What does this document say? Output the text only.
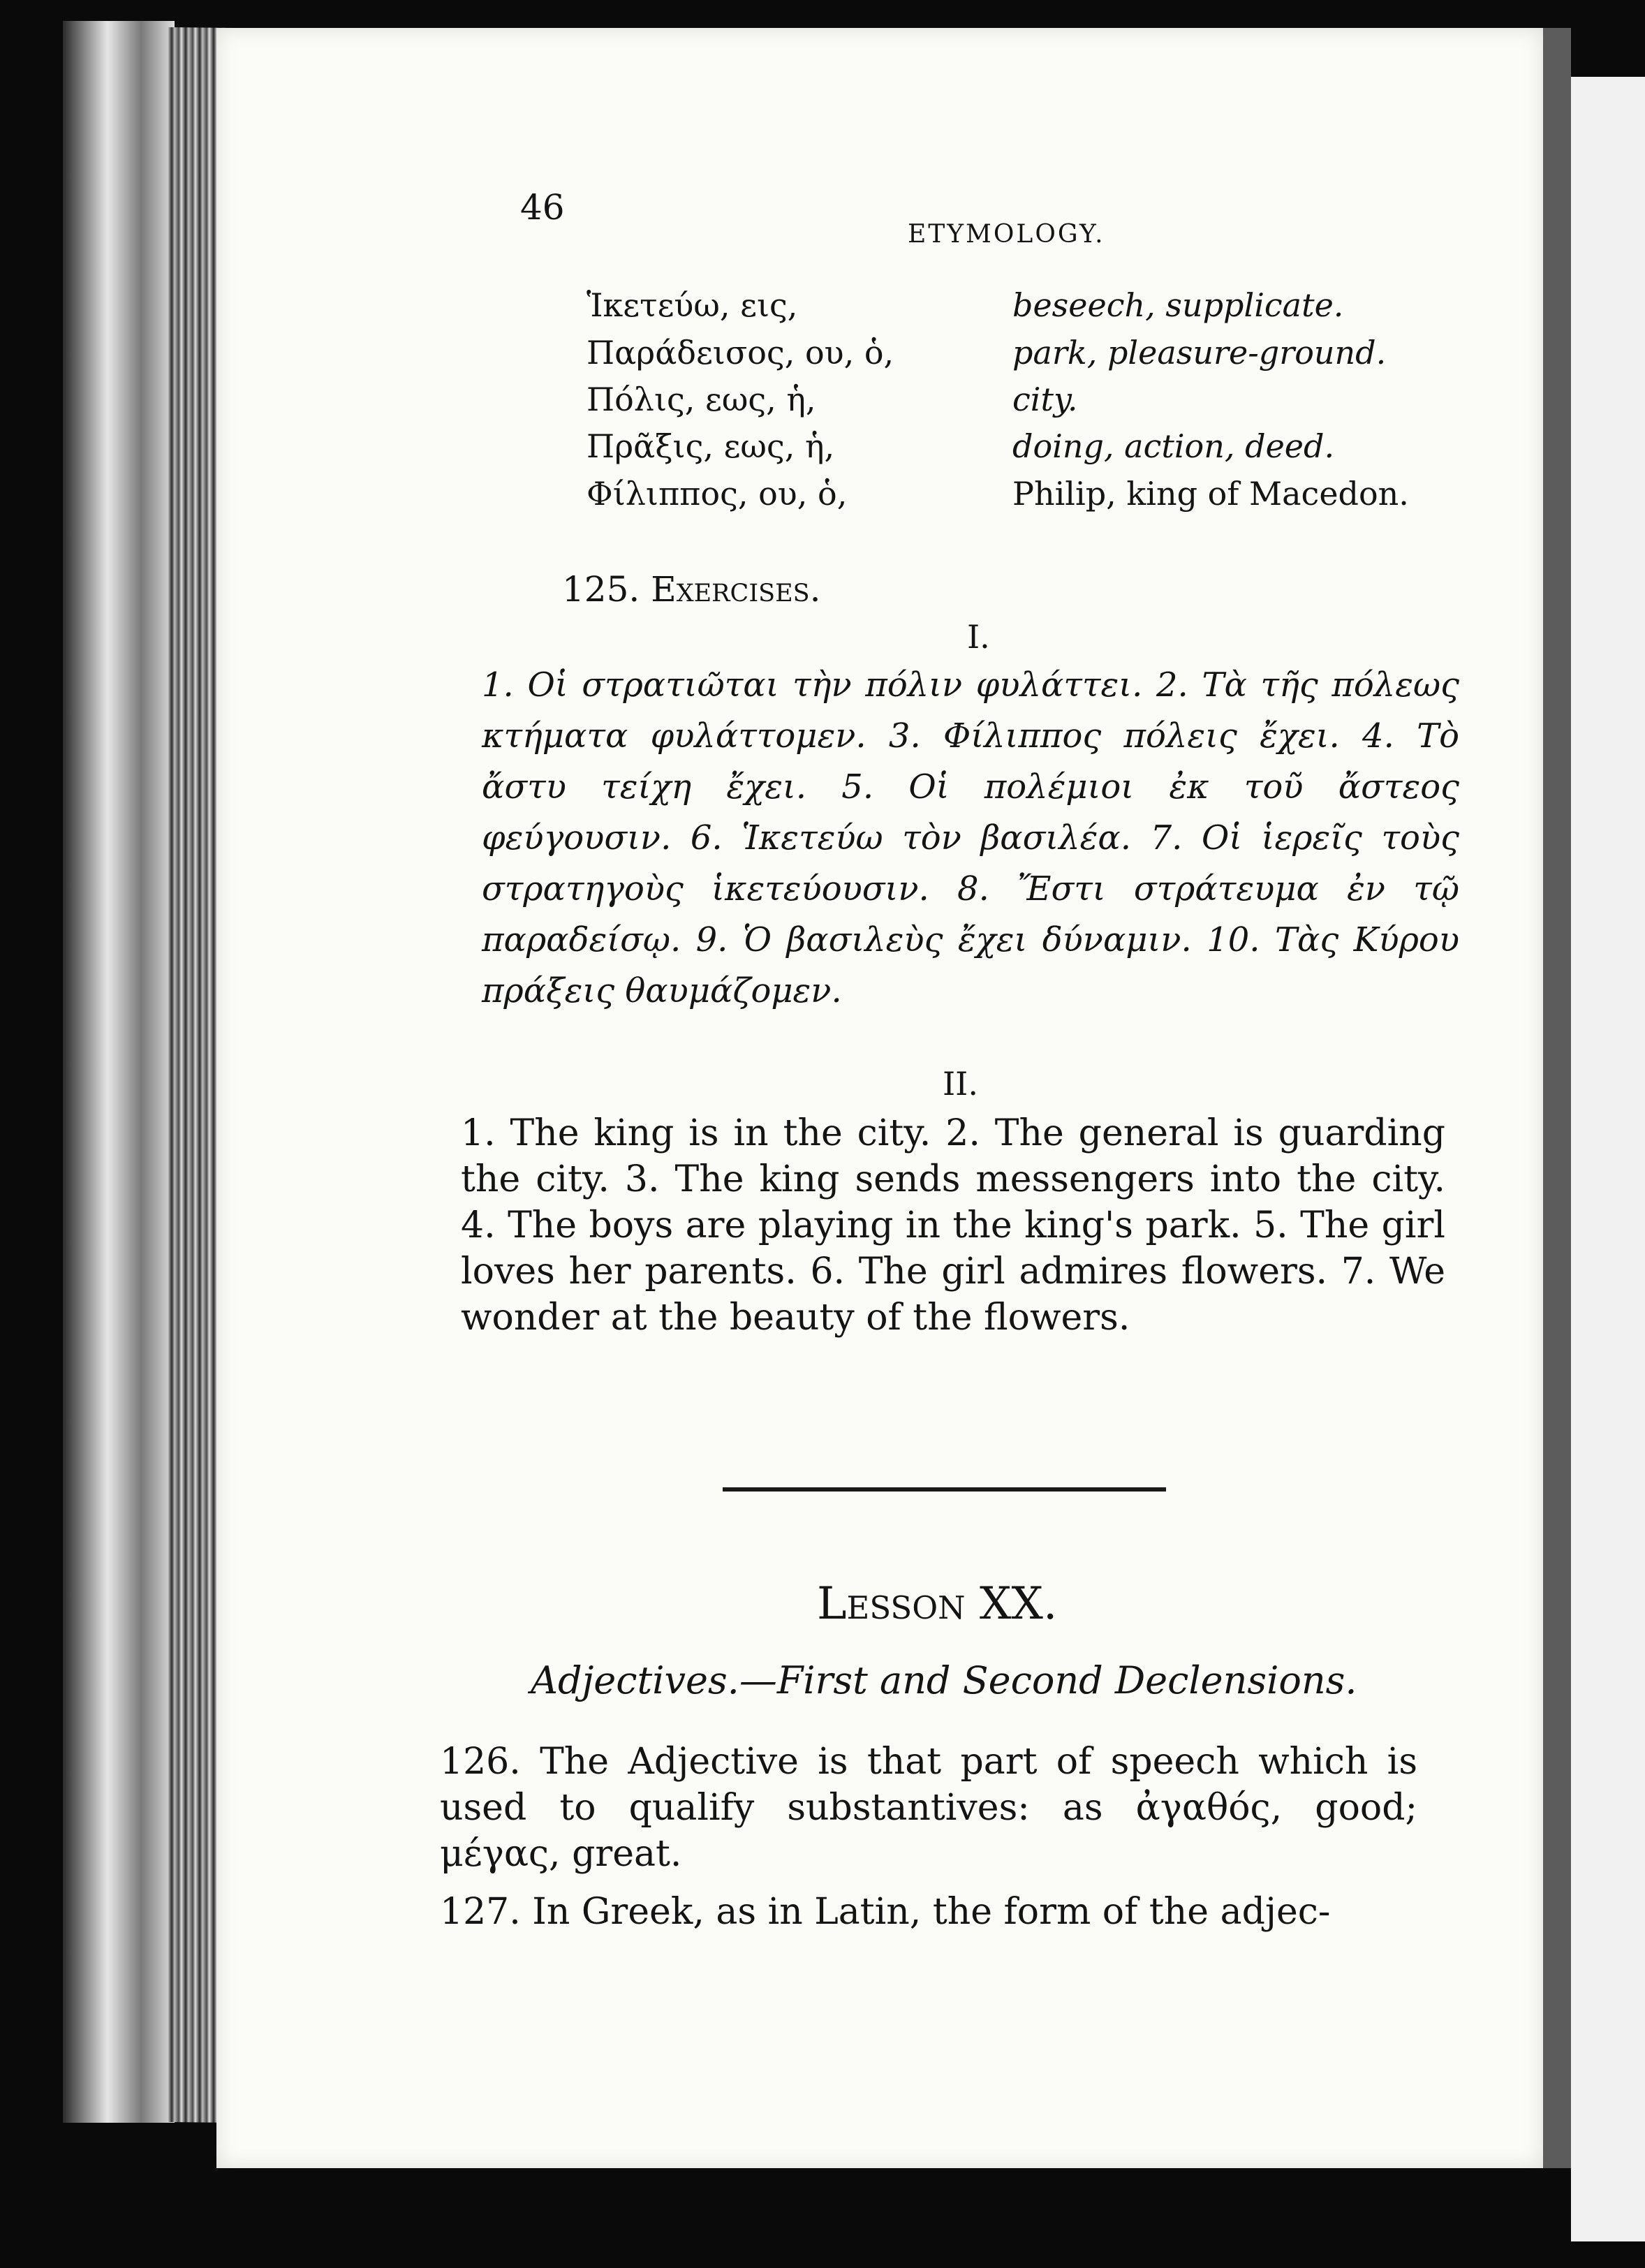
46
ETYMOLOGY.
Ἱκετεύω, εις,	beseech, supplicate.
Παράδεισος, ου, ὁ,	park, pleasure-ground.
Πόλις, εως, ἡ,	city.
Πρᾶξις, εως, ἡ,	doing, action, deed.
Φίλιππος, ου, ὁ,	Philip, king of Macedon.
125. Exercises.
I.
1. Οἱ στρατιῶται τὴν πόλιν φυλάττει. 2. Τὰ τῆς πόλεως κτήματα φυλάττομεν. 3. Φίλιππος πόλεις ἔχει. 4. Τὸ ἄστυ τείχη ἔχει. 5. Οἱ πολέμιοι ἐκ τοῦ ἄστεος φεύγουσιν. 6. Ἱκετεύω τὸν βασιλέα. 7. Οἱ ἱερεῖς τοὺς στρατηγοὺς ἱκετεύουσιν. 8. Ἔστι στράτευμα ἐν τῷ παραδείσῳ. 9. Ὁ βασιλεὺς ἔχει δύναμιν. 10. Τὰς Κύρου πράξεις θαυμάζομεν.
II.
1. The king is in the city. 2. The general is guarding the city. 3. The king sends messengers into the city. 4. The boys are playing in the king's park. 5. The girl loves her parents. 6. The girl admires flowers. 7. We wonder at the beauty of the flowers.
Lesson XX.
Adjectives.—First and Second Declensions.
126. The Adjective is that part of speech which is used to qualify substantives: as ἀγαθός, good; μέγας, great.
127. In Greek, as in Latin, the form of the adjec-
